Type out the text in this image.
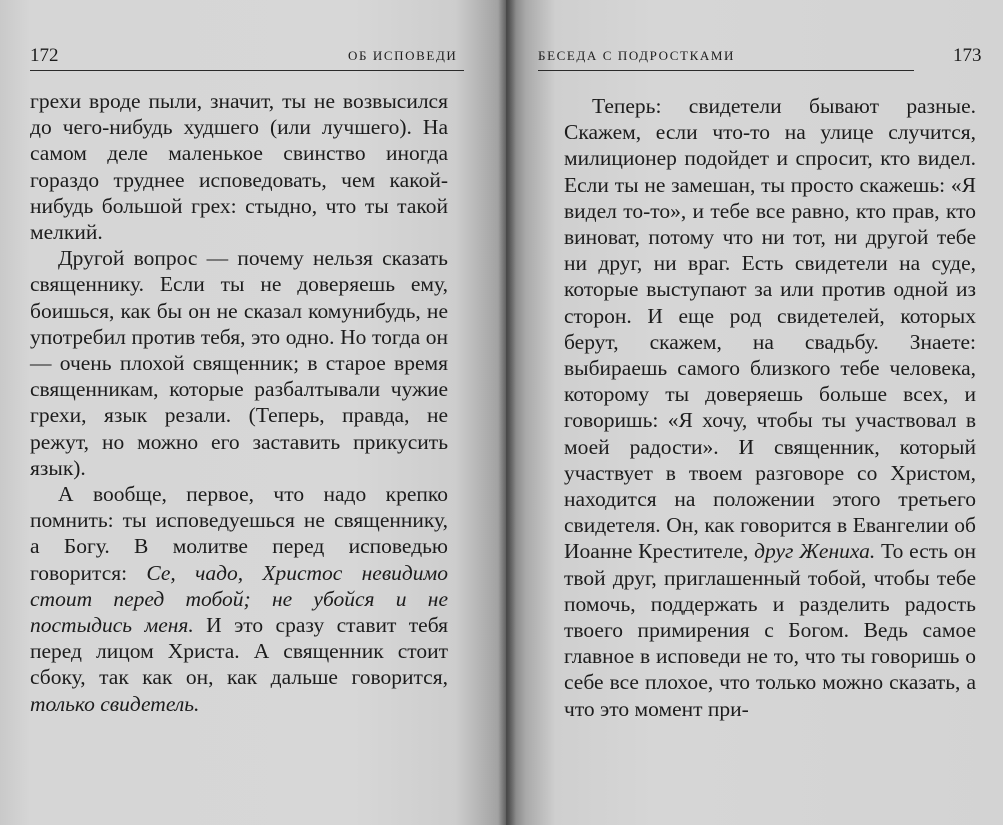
172	ОБ ИСПОВЕДИ

грехи вроде пыли, значит, ты не возвысился до чего-нибудь худшего (или лучшего). На самом деле маленькое свинство иногда гораздо труднее исповедовать, чем какой-нибудь большой грех: стыдно, что ты такой мелкий.

Другой вопрос — почему нельзя сказать священнику. Если ты не доверяешь ему, боишься, как бы он не сказал комунибудь, не употребил против тебя, это одно. Но тогда он — очень плохой священник; в старое время священникам, которые разбалтывали чужие грехи, язык резали. (Теперь, правда, не режут, но можно его заставить прикусить язык).

А вообще, первое, что надо крепко помнить: ты исповедуешься не священнику, а Богу. В молитве перед исповедью говорится: Се, чадо, Христос невидимо стоит перед тобой; не убойся и не постыдись меня. И это сразу ставит тебя перед лицом Христа. А священник стоит сбоку, так как он, как дальше говорится, только свидетель.

БЕСЕДА С ПОДРОСТКАМИ	173

Теперь: свидетели бывают разные. Скажем, если что-то на улице случится, милиционер подойдет и спросит, кто видел. Если ты не замешан, ты просто скажешь: «Я видел то-то», и тебе все равно, кто прав, кто виноват, потому что ни тот, ни другой тебе ни друг, ни враг. Есть свидетели на суде, которые выступают за или против одной из сторон. И еще род свидетелей, которых берут, скажем, на свадьбу. Знаете: выбираешь самого близкого тебе человека, которому ты доверяешь больше всех, и говоришь: «Я хочу, чтобы ты участвовал в моей радости». И священник, который участвует в твоем разговоре со Христом, находится на положении этого третьего свидетеля. Он, как говорится в Евангелии об Иоанне Крестителе, друг Жениха. То есть он твой друг, приглашенный тобой, чтобы тебе помочь, поддержать и разделить радость твоего примирения с Богом. Ведь самое главное в исповеди не то, что ты говоришь о себе все плохое, что только можно сказать, а что это момент при-
